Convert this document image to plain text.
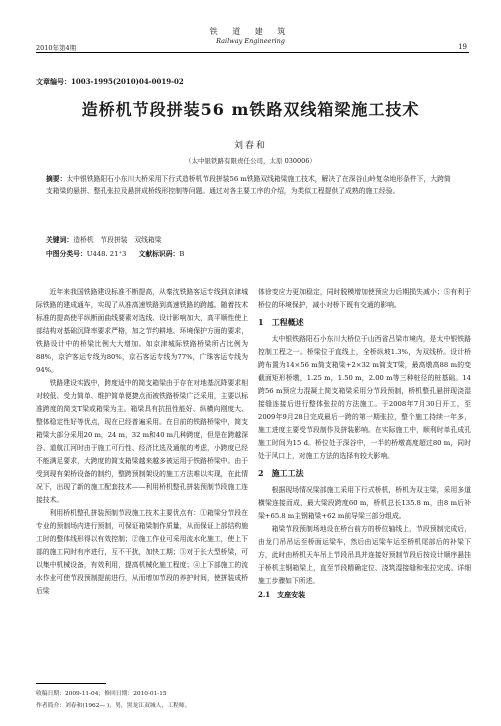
铁 道 建 筑
Railway Engineering
2010年第4期	19
文章编号：1003-1995(2010)04-0019-02
造桥机节段拼装56 m铁路双线箱梁施工技术
刘春和
（太中银铁路有限责任公司，太原 030006）
摘要：太中银铁路阳石小东川大桥采用下行式造桥机节段拼装56 m铁路双线箱梁施工技术，解决了在深谷山岭复杂地形条件下，大跨简支箱梁的悬拼、整孔张拉及悬拼成桥线形控制等问题。通过对各主要工序的介绍，为类似工程提供了成熟的施工经验。
关键词：造桥机　节段拼装　双线箱梁
中图分类号：U448. 21⁺3 文献标识码：B

近年来我国铁路建设标准不断提高，从秦沈铁路客运专线到京津城际铁路的建成通车，实现了从准高速铁路到高速铁路的跨越。随着技术标准的提高使平纵断面曲线要素对选线、设计影响加大，高平顺性使上部结构对基础沉降率要求严格，加之节约耕地、环境保护方面的要求，铁路设计中的桥梁比例大大增加。如京津城际铁路桥梁所占比例为88%，京沪客运专线为80%，京石客运专线为77%，广珠客运专线为94%。

铁路建设实践中，跨度适中的简支箱梁由于存在对地基沉降要求相对较低、受力简单、维护简单便捷点而被铁路桥梁广泛采用，主要以标准跨度的简支T梁或箱梁为主。箱梁具有抗扭性能好、纵横向刚度大、整体稳定性好等优点，现在已经普遍采用。在目前的铁路桥梁中，简支箱梁大部分采用20 m，24 m，32 m和40 m几种跨度，但是在跨越深谷、道航江河时由于施工可行性、经济比选及通航的考虑，小跨度已经不能满足要求，大跨度的简支箱梁越来越多被运用于铁路桥梁中。由于受到现有架桥设备的制约，整跨预制架设的施工方法难以实现，在此情况下，出现了新的施工配套技术——利用桥机整孔拼装预制节段施工连接技术。

利用桥机整孔拼装预制节段施工技术主要优点有：①箱梁分节段在专业的预制场内进行预制，可保证箱梁制作质量，从而保证上部结构施工时的整体线形得以有效控制；②施工作业可采用流水化施工，使上下部的施工同时有序进行，互不干扰，加快工期；③对于长大型桥梁，可以集中机械设备，有效利用，提高机械化施工程度；④上下部施工的流水作业可使节段预制提前进行，从而增加节段的养护时间，使拼装成桥后梁

体徐变应力更加稳定，同时脱模增加使预应力后期损失减小；⑤有利于桥位的环境保护，减小对桥下既有交通的影响。

1　工程概述

太中银铁路阳石小东川大桥位于山西省吕梁市境内，是太中银铁路控制工程之一。桥梁位于直线上，全桥纵坡1.3%，为双线桥。设计桥跨布置为14×56 m简支箱梁+2×32 m简支T梁，最高墩高88 m的变截面矩形桥墩，1.25 m，1.50 m，2.00 m等三种桩径的桩基础。14跨56 m预应力混凝土简支箱梁采用分节段预制，桥机整孔悬拼现浇湿接缝连接后进行整体张拉的方法施工。于2008年7月30日开工，至2009年9月28日完成最后一跨的第一期张拉，整个施工持续一年多，施工进度主要受节段制作及拼装影响。在实际施工中，顺利时单孔成孔施工时间为15 d。桥位处于深谷中，一半的桥墩高度超过80 m，同时处于风口上，对施工方法的选择有较大影响。

2　施工工法

根据现场情况梁部施工采用下行式桥机，桥机为双主梁，采用多道横梁连接而成，最大梁段跨度60 m，桥机总长135.8 m，由8 m后补梁+65.8 m主钢箱梁+62 m前导梁三部分组成。

箱梁节段预制场地设在桥台前方的桥位轴线上，节段预制完成后，由龙门吊吊运至桥面运梁车，然后由运梁车运至桥机尾部后的补梁下方，此时由桥机天车吊上节段吊具并连接好预制节段后按设计顺序悬挂于桥机主钢箱梁上，直至节段精确定位、浇筑湿接缝和张拉完成。详细施工步骤如下所述。

2.1　支座安装

收稿日期：2009-11-04；修回日期：2010-01-15
作者简介：刘春和(1962— )，男，黑龙江双城人，工程师。
